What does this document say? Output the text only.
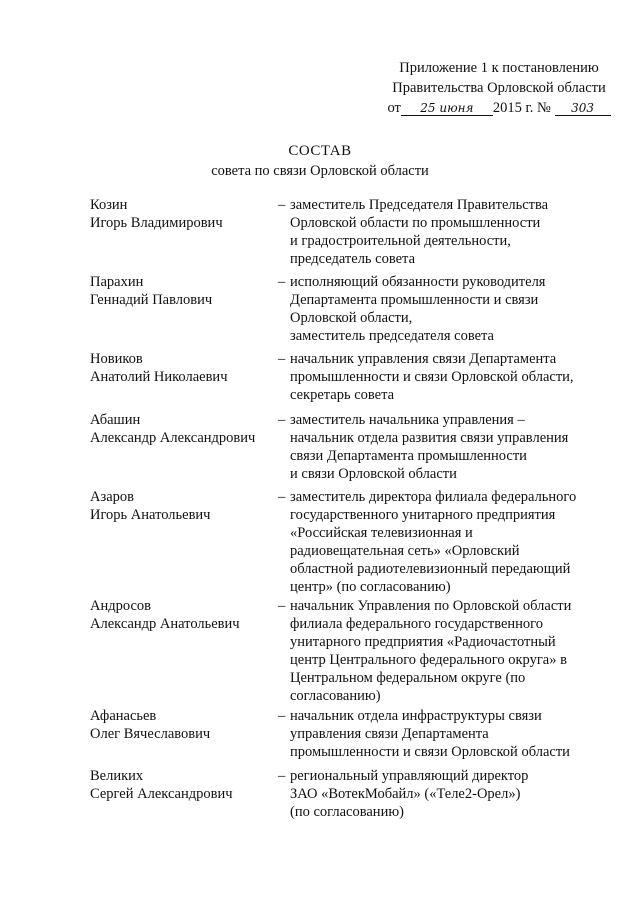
Приложение 1 к постановлению
Правительства Орловской области
от 25 июня 2015 г. № 303
СОСТАВ
совета по связи Орловской области
Козин
Игорь Владимирович
– заместитель Председателя Правительства
Орловской области по промышленности
и градостроительной деятельности,
председатель совета
Парахин
Геннадий Павлович
– исполняющий обязанности руководителя
Департамента промышленности и связи
Орловской области,
заместитель председателя совета
Новиков
Анатолий Николаевич
– начальник управления связи Департамента
промышленности и связи Орловской области,
секретарь совета
Абашин
Александр Александрович
– заместитель начальника управления –
начальник отдела развития связи управления
связи Департамента промышленности
и связи Орловской области
Азаров
Игорь Анатольевич
– заместитель директора филиала федерального
государственного унитарного предприятия
«Российская телевизионная и
радиовещательная сеть» «Орловский
областной радиотелевизионный передающий
центр» (по согласованию)
Андросов
Александр Анатольевич
– начальник Управления по Орловской области
филиала федерального государственного
унитарного предприятия «Радиочастотный
центр Центрального федерального округа» в
Центральном федеральном округе (по
согласованию)
Афанасьев
Олег Вячеславович
– начальник отдела инфраструктуры связи
управления связи Департамента
промышленности и связи Орловской области
Великих
Сергей Александрович
– региональный управляющий директор
ЗАО «ВотекМобайл» («Теле2-Орел»)
(по согласованию)
